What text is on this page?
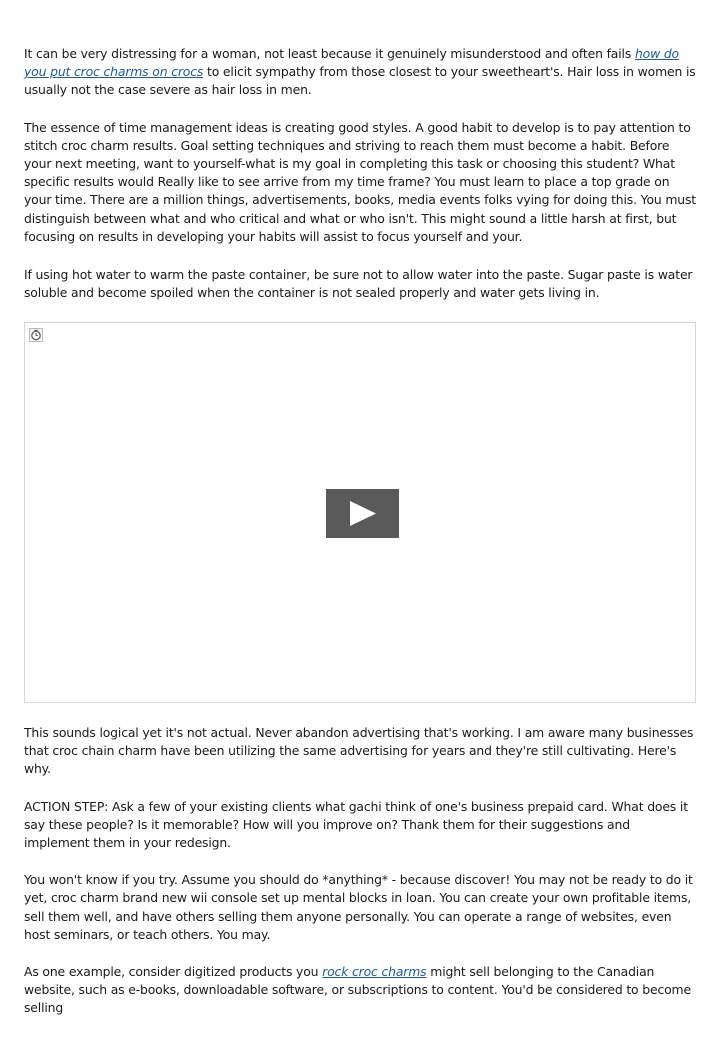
It can be very distressing for a woman, not least because it genuinely misunderstood and often fails how do you put croc charms on crocs to elicit sympathy from those closest to your sweetheart's. Hair loss in women is usually not the case severe as hair loss in men.

The essence of time management ideas is creating good styles. A good habit to develop is to pay attention to stitch croc charm results. Goal setting techniques and striving to reach them must become a habit. Before your next meeting, want to yourself-what is my goal in completing this task or choosing this student? What specific results would Really like to see arrive from my time frame? You must learn to place a top grade on your time. There are a million things, advertisements, books, media events folks vying for doing this. You must distinguish between what and who critical and what or who isn't. This might sound a little harsh at first, but focusing on results in developing your habits will assist to focus yourself and your.

If using hot water to warm the paste container, be sure not to allow water into the paste. Sugar paste is water soluble and become spoiled when the container is not sealed properly and water gets living in.

This sounds logical yet it's not actual. Never abandon advertising that's working. I am aware many businesses that croc chain charm have been utilizing the same advertising for years and they're still cultivating. Here's why.

ACTION STEP: Ask a few of your existing clients what gachi think of one's business prepaid card. What does it say these people? Is it memorable? How will you improve on? Thank them for their suggestions and implement them in your redesign.

You won't know if you try. Assume you should do *anything* - because discover! You may not be ready to do it yet, croc charm brand new wii console set up mental blocks in loan. You can create your own profitable items, sell them well, and have others selling them anyone personally. You can operate a range of websites, even host seminars, or teach others. You may.

As one example, consider digitized products you rock croc charms might sell belonging to the Canadian website, such as e-books, downloadable software, or subscriptions to content. You'd be considered to become selling
